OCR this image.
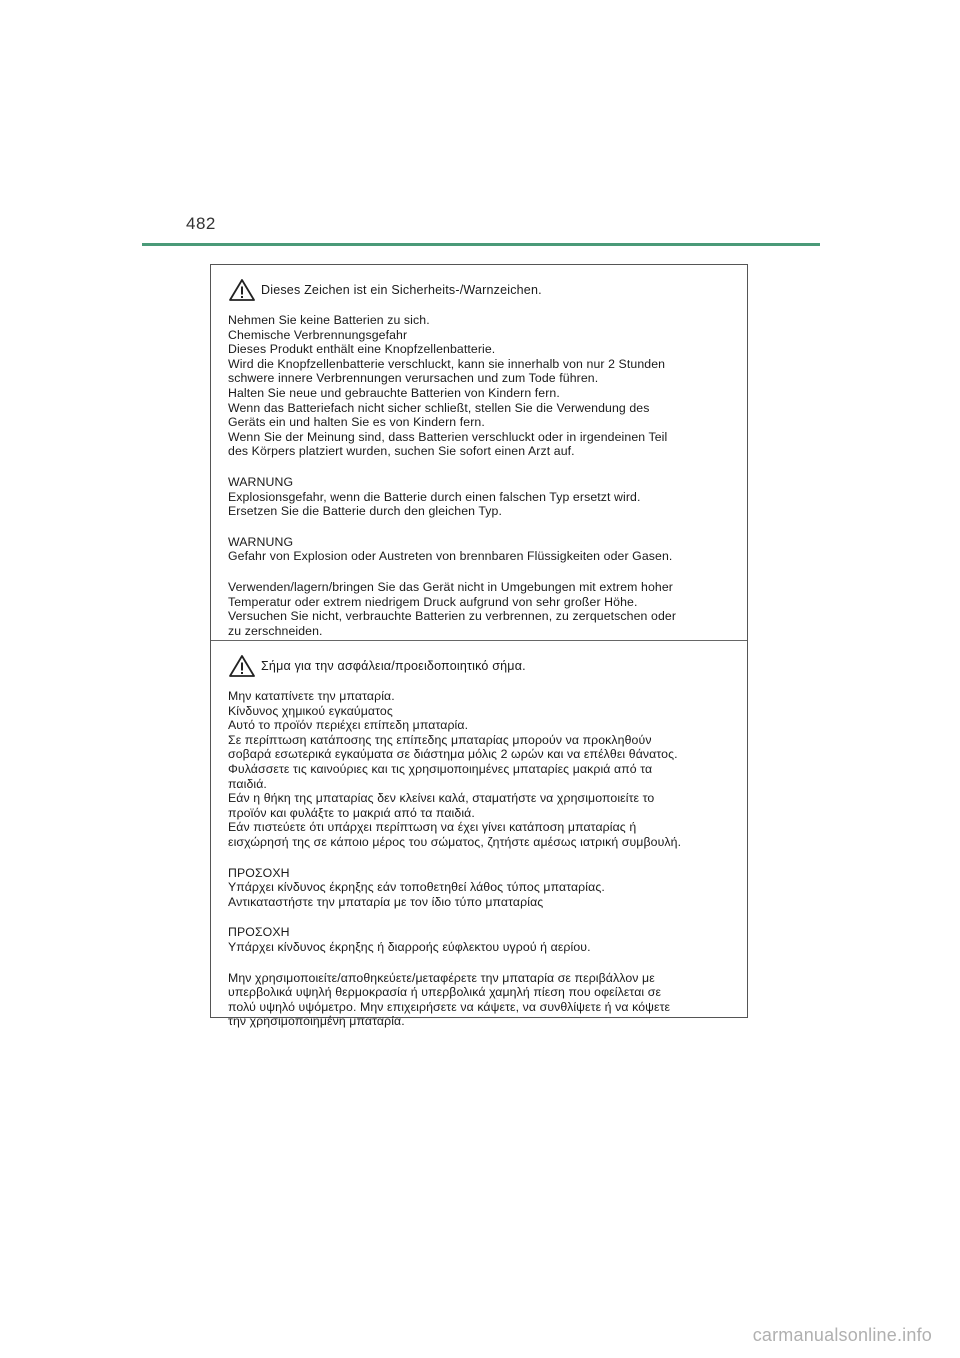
482
Dieses Zeichen ist ein Sicherheits-/Warnzeichen.
Nehmen Sie keine Batterien zu sich.
Chemische Verbrennungsgefahr
Dieses Produkt enthält eine Knopfzellenbatterie.
Wird die Knopfzellenbatterie verschluckt, kann sie innerhalb von nur 2 Stunden
schwere innere Verbrennungen verursachen und zum Tode führen.
Halten Sie neue und gebrauchte Batterien von Kindern fern.
Wenn das Batteriefach nicht sicher schließt, stellen Sie die Verwendung des
Geräts ein und halten Sie es von Kindern fern.
Wenn Sie der Meinung sind, dass Batterien verschluckt oder in irgendeinen Teil
des Körpers platziert wurden, suchen Sie sofort einen Arzt auf.
WARNUNG
Explosionsgefahr, wenn die Batterie durch einen falschen Typ ersetzt wird.
Ersetzen Sie die Batterie durch den gleichen Typ.
WARNUNG
Gefahr von Explosion oder Austreten von brennbaren Flüssigkeiten oder Gasen.
Verwenden/lagern/bringen Sie das Gerät nicht in Umgebungen mit extrem hoher
Temperatur oder extrem niedrigem Druck aufgrund von sehr großer Höhe.
Versuchen Sie nicht, verbrauchte Batterien zu verbrennen, zu zerquetschen oder
zu zerschneiden.
Σήμα για την ασφάλεια/προειδοποιητικό σήμα.
Μην καταπίνετε την μπαταρία.
Κίνδυνος χημικού εγκαύματος
Αυτό το προϊόν περιέχει επίπεδη μπαταρία.
Σε περίπτωση κατάποσης της επίπεδης μπαταρίας μπορούν να προκληθούν
σοβαρά εσωτερικά εγκαύματα σε διάστημα μόλις 2 ωρών και να επέλθει θάνατος.
Φυλάσσετε τις καινούριες και τις χρησιμοποιημένες μπαταρίες μακριά από τα
παιδιά.
Εάν η θήκη της μπαταρίας δεν κλείνει καλά, σταματήστε να χρησιμοποιείτε το
προϊόν και φυλάξτε το μακριά από τα παιδιά.
Εάν πιστεύετε ότι υπάρχει περίπτωση να έχει γίνει κατάποση μπαταρίας ή
εισχώρησή της σε κάποιο μέρος του σώματος, ζητήστε αμέσως ιατρική συμβουλή.
ΠΡΟΣΟΧΗ
Υπάρχει κίνδυνος έκρηξης εάν τοποθετηθεί λάθος τύπος μπαταρίας.
Αντικαταστήστε την μπαταρία με τον ίδιο τύπο μπαταρίας
ΠΡΟΣΟΧΗ
Υπάρχει κίνδυνος έκρηξης ή διαρροής εύφλεκτου υγρού ή αερίου.
Μην χρησιμοποιείτε/αποθηκεύετε/μεταφέρετε την μπαταρία σε περιβάλλον με
υπερβολικά υψηλή θερμοκρασία ή υπερβολικά χαμηλή πίεση που οφείλεται σε
πολύ υψηλό υψόμετρο. Μην επιχειρήσετε να κάψετε, να συνθλίψετε ή να κόψετε
την χρησιμοποιημένη μπαταρία.
carmanualsonline.info
